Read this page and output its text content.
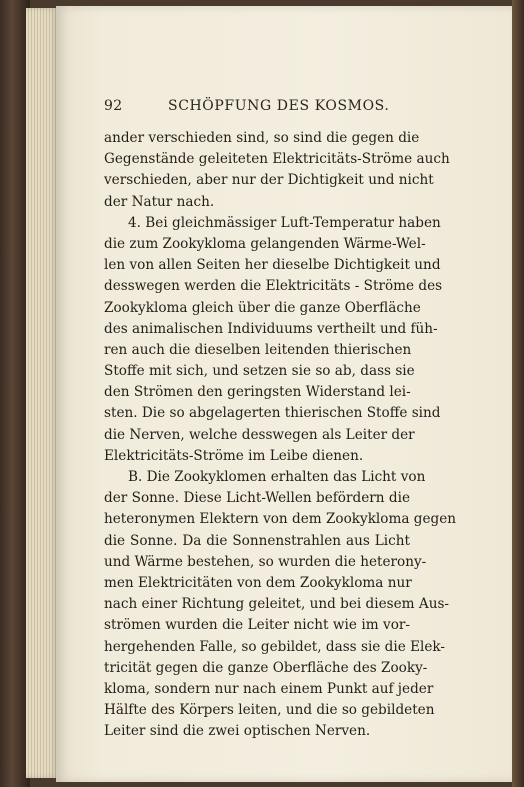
92	SCHÖPFUNG DES KOSMOS.
ander verschieden sind, so sind die gegen die
Gegenstände geleiteten Elektricitäts-Ströme auch
verschieden, aber nur der Dichtigkeit und nicht
der Natur nach.
4. Bei gleichmässiger Luft-Temperatur haben
die zum Zookykloma gelangenden Wärme-Wel-
len von allen Seiten her dieselbe Dichtigkeit und
desswegen werden die Elektricitäts - Ströme des
Zookykloma gleich über die ganze Oberfläche
des animalischen Individuums vertheilt und füh-
ren auch die dieselben leitenden thierischen
Stoffe mit sich, und setzen sie so ab, dass sie
den Strömen den geringsten Widerstand lei-
sten. Die so abgelagerten thierischen Stoffe sind
die Nerven, welche desswegen als Leiter der
Elektricitäts-Ströme im Leibe dienen.
B. Die Zookyklomen erhalten das Licht von
der Sonne. Diese Licht-Wellen befördern die
heteronymen Elektern von dem Zookykloma gegen
die Sonne. Da die Sonnenstrahlen aus Licht
und Wärme bestehen, so wurden die heterony-
men Elektricitäten von dem Zookykloma nur
nach einer Richtung geleitet, und bei diesem Aus-
strömen wurden die Leiter nicht wie im vor-
hergehenden Falle, so gebildet, dass sie die Elek-
tricität gegen die ganze Oberfläche des Zooky-
kloma, sondern nur nach einem Punkt auf jeder
Hälfte des Körpers leiten, und die so gebildeten
Leiter sind die zwei optischen Nerven.
